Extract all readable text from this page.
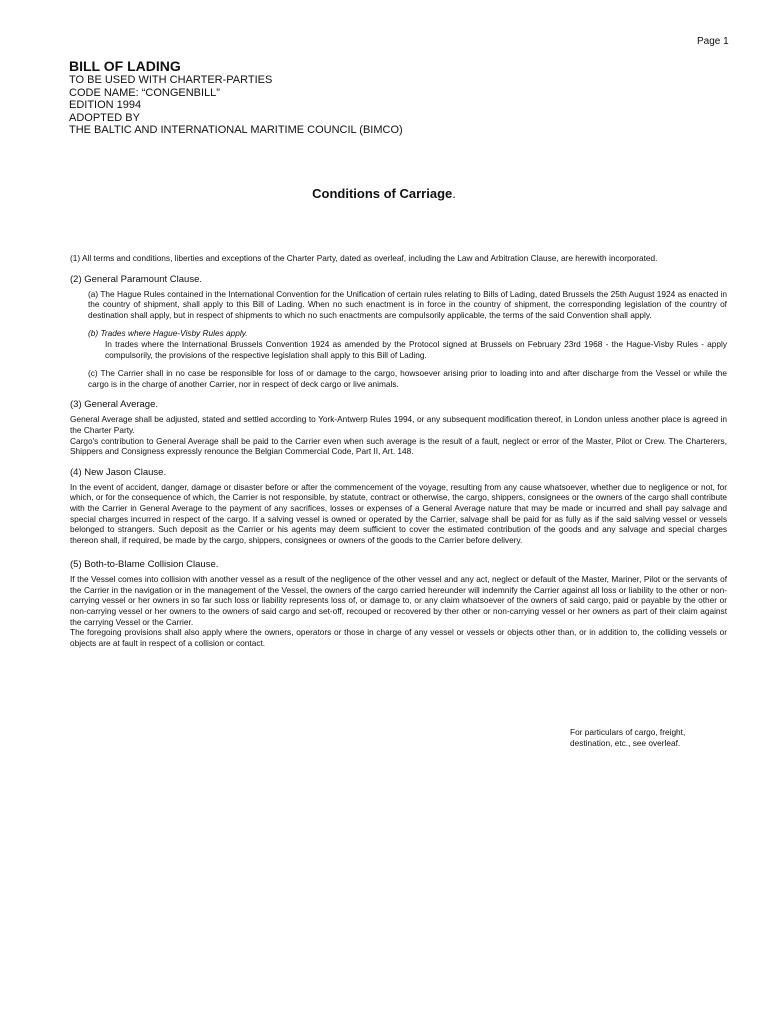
Page 1
BILL OF LADING
TO BE USED WITH CHARTER-PARTIES
CODE NAME: “CONGENBILL”
EDITION 1994
ADOPTED BY
THE BALTIC AND INTERNATIONAL MARITIME COUNCIL (BIMCO)
Conditions of Carriage.

(1) All terms and conditions, liberties and exceptions of the Charter Party, dated as overleaf, including the Law and Arbitration Clause, are herewith incorporated.

(2) General Paramount Clause.

(a) The Hague Rules contained in the International Convention for the Unification of certain rules relating to Bills of Lading, dated Brussels the 25th August 1924 as enacted in the country of shipment, shall apply to this Bill of Lading. When no such enactment is in force in the country of shipment, the corresponding legislation of the country of destination shall apply, but in respect of shipments to which no such enactments are compulsorily applicable, the terms of the said Convention shall apply.

(b) Trades where Hague-Visby Rules apply.

In trades where the International Brussels Convention 1924 as amended by the Protocol signed at Brussels on February 23rd 1968 - the Hague-Visby Rules - apply compulsorily, the provisions of the respective legislation shall apply to this Bill of Lading.

(c) The Carrier shall in no case be responsible for loss of or damage to the cargo, howsoever arising prior to loading into and after discharge from the Vessel or while the cargo is in the charge of another Carrier, nor in respect of deck cargo or live animals.

(3) General Average.

General Average shall be adjusted, stated and settled according to York-Antwerp Rules 1994, or any subsequent modification thereof, in London unless another place is agreed in the Charter Party.

Cargo's contribution to General Average shall be paid to the Carrier even when such average is the result of a fault, neglect or error of the Master, Pilot or Crew. The Charterers, Shippers and Consigness expressly renounce the Belgian Commercial Code, Part II, Art. 148.

(4) New Jason Clause.

In the event of accident, danger, damage or disaster before or after the commencement of the voyage, resulting from any cause whatsoever, whether due to negligence or not, for which, or for the consequence of which, the Carrier is not responsible, by statute, contract or otherwise, the cargo, shippers, consignees or the owners of the cargo shall contribute with the Carrier in General Average to the payment of any sacrifices, losses or expenses of a General Average nature that may be made or incurred and shall pay salvage and special charges incurred in respect of the cargo. If a salving vessel is owned or operated by the Carrier, salvage shall be paid for as fully as if the said salving vessel or vessels belonged to strangers. Such deposit as the Carrier or his agents may deem sufficient to cover the estimated contribution of the goods and any salvage and special charges thereon shall, if required, be made by the cargo, shippers, consignees or owners of the goods to the Carrier before delivery.

(5) Both-to-Blame Collision Clause.

If the Vessel comes into collision with another vessel as a result of the negligence of the other vessel and any act, neglect or default of the Master, Mariner, Pilot or the servants of the Carrier in the navigation or in the management of the Vessel, the owners of the cargo carried hereunder will indemnify the Carrier against all loss or liability to the other or non-carrying vessel or her owners in so far such loss or liability represents loss of, or damage to, or any claim whatsoever of the owners of said cargo, paid or payable by the other or non-carrying vessel or her owners to the owners of said cargo and set-off, recouped or recovered by ther other or non-carrying vessel or her owners as part of their claim against the carrying Vessel or the Carrier.

The foregoing provisions shall also apply where the owners, operators or those in charge of any vessel or vessels or objects other than, or in addition to, the colliding vessels or objects are at fault in respect of a collision or contact.

For particulars of cargo, freight,
destination, etc., see overleaf.
